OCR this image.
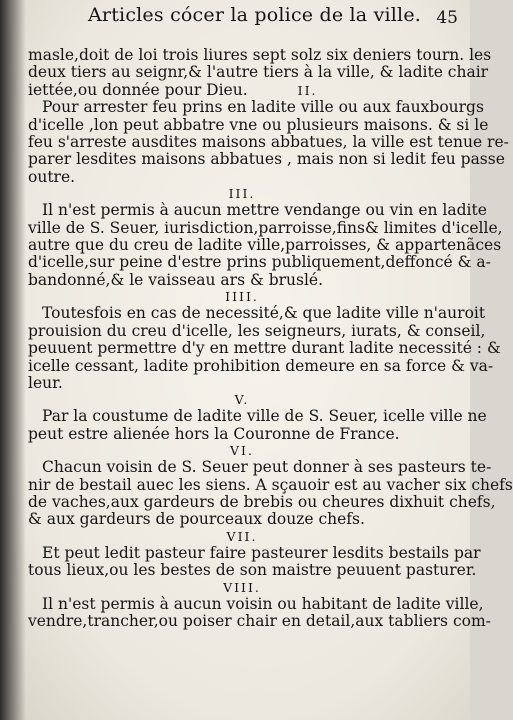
Articles cócer la police de la ville. 45
masle,doit de loi trois liures sept solz six deniers tourn. les
deux tiers au seignr,& l'autre tiers à la ville, & ladite chair
iettée,ou donnée pour Dieu.	II.
Pour arrester feu prins en ladite ville ou aux fauxbourgs
d'icelle ,lon peut abbatre vne ou plusieurs maisons. & si le
feu s'arreste ausdites maisons abbatues, la ville est tenue re-
parer lesdites maisons abbatues , mais non si ledit feu passe
outre.
III.
Il n'est permis à aucun mettre vendange ou vin en ladite
ville de S. Seuer, iurisdiction,parroisse,fins& limites d'icelle,
autre que du creu de ladite ville,parroisses, & appartenãces
d'icelle,sur peine d'estre prins publiquement,deffoncé & a-
bandonné,& le vaisseau ars & bruslé.
IIII.
Toutesfois en cas de necessité,& que ladite ville n'auroit
prouision du creu d'icelle, les seigneurs, iurats, & conseil,
peuuent permettre d'y en mettre durant ladite necessité : &
icelle cessant, ladite prohibition demeure en sa force & va-
leur.
V.
Par la coustume de ladite ville de S. Seuer, icelle ville ne
peut estre alienée hors la Couronne de France.
VI.
Chacun voisin de S. Seuer peut donner à ses pasteurs te-
nir de bestail auec les siens. A sçauoir est au vacher six chefs
de vaches,aux gardeurs de brebis ou cheures dixhuit chefs,
& aux gardeurs de pourceaux douze chefs.
VII.
Et peut ledit pasteur faire pasteurer lesdits bestails par
tous lieux,ou les bestes de son maistre peuuent pasturer.
VIII.
Il n'est permis à aucun voisin ou habitant de ladite ville,
vendre,trancher,ou poiser chair en detail,aux tabliers com-
